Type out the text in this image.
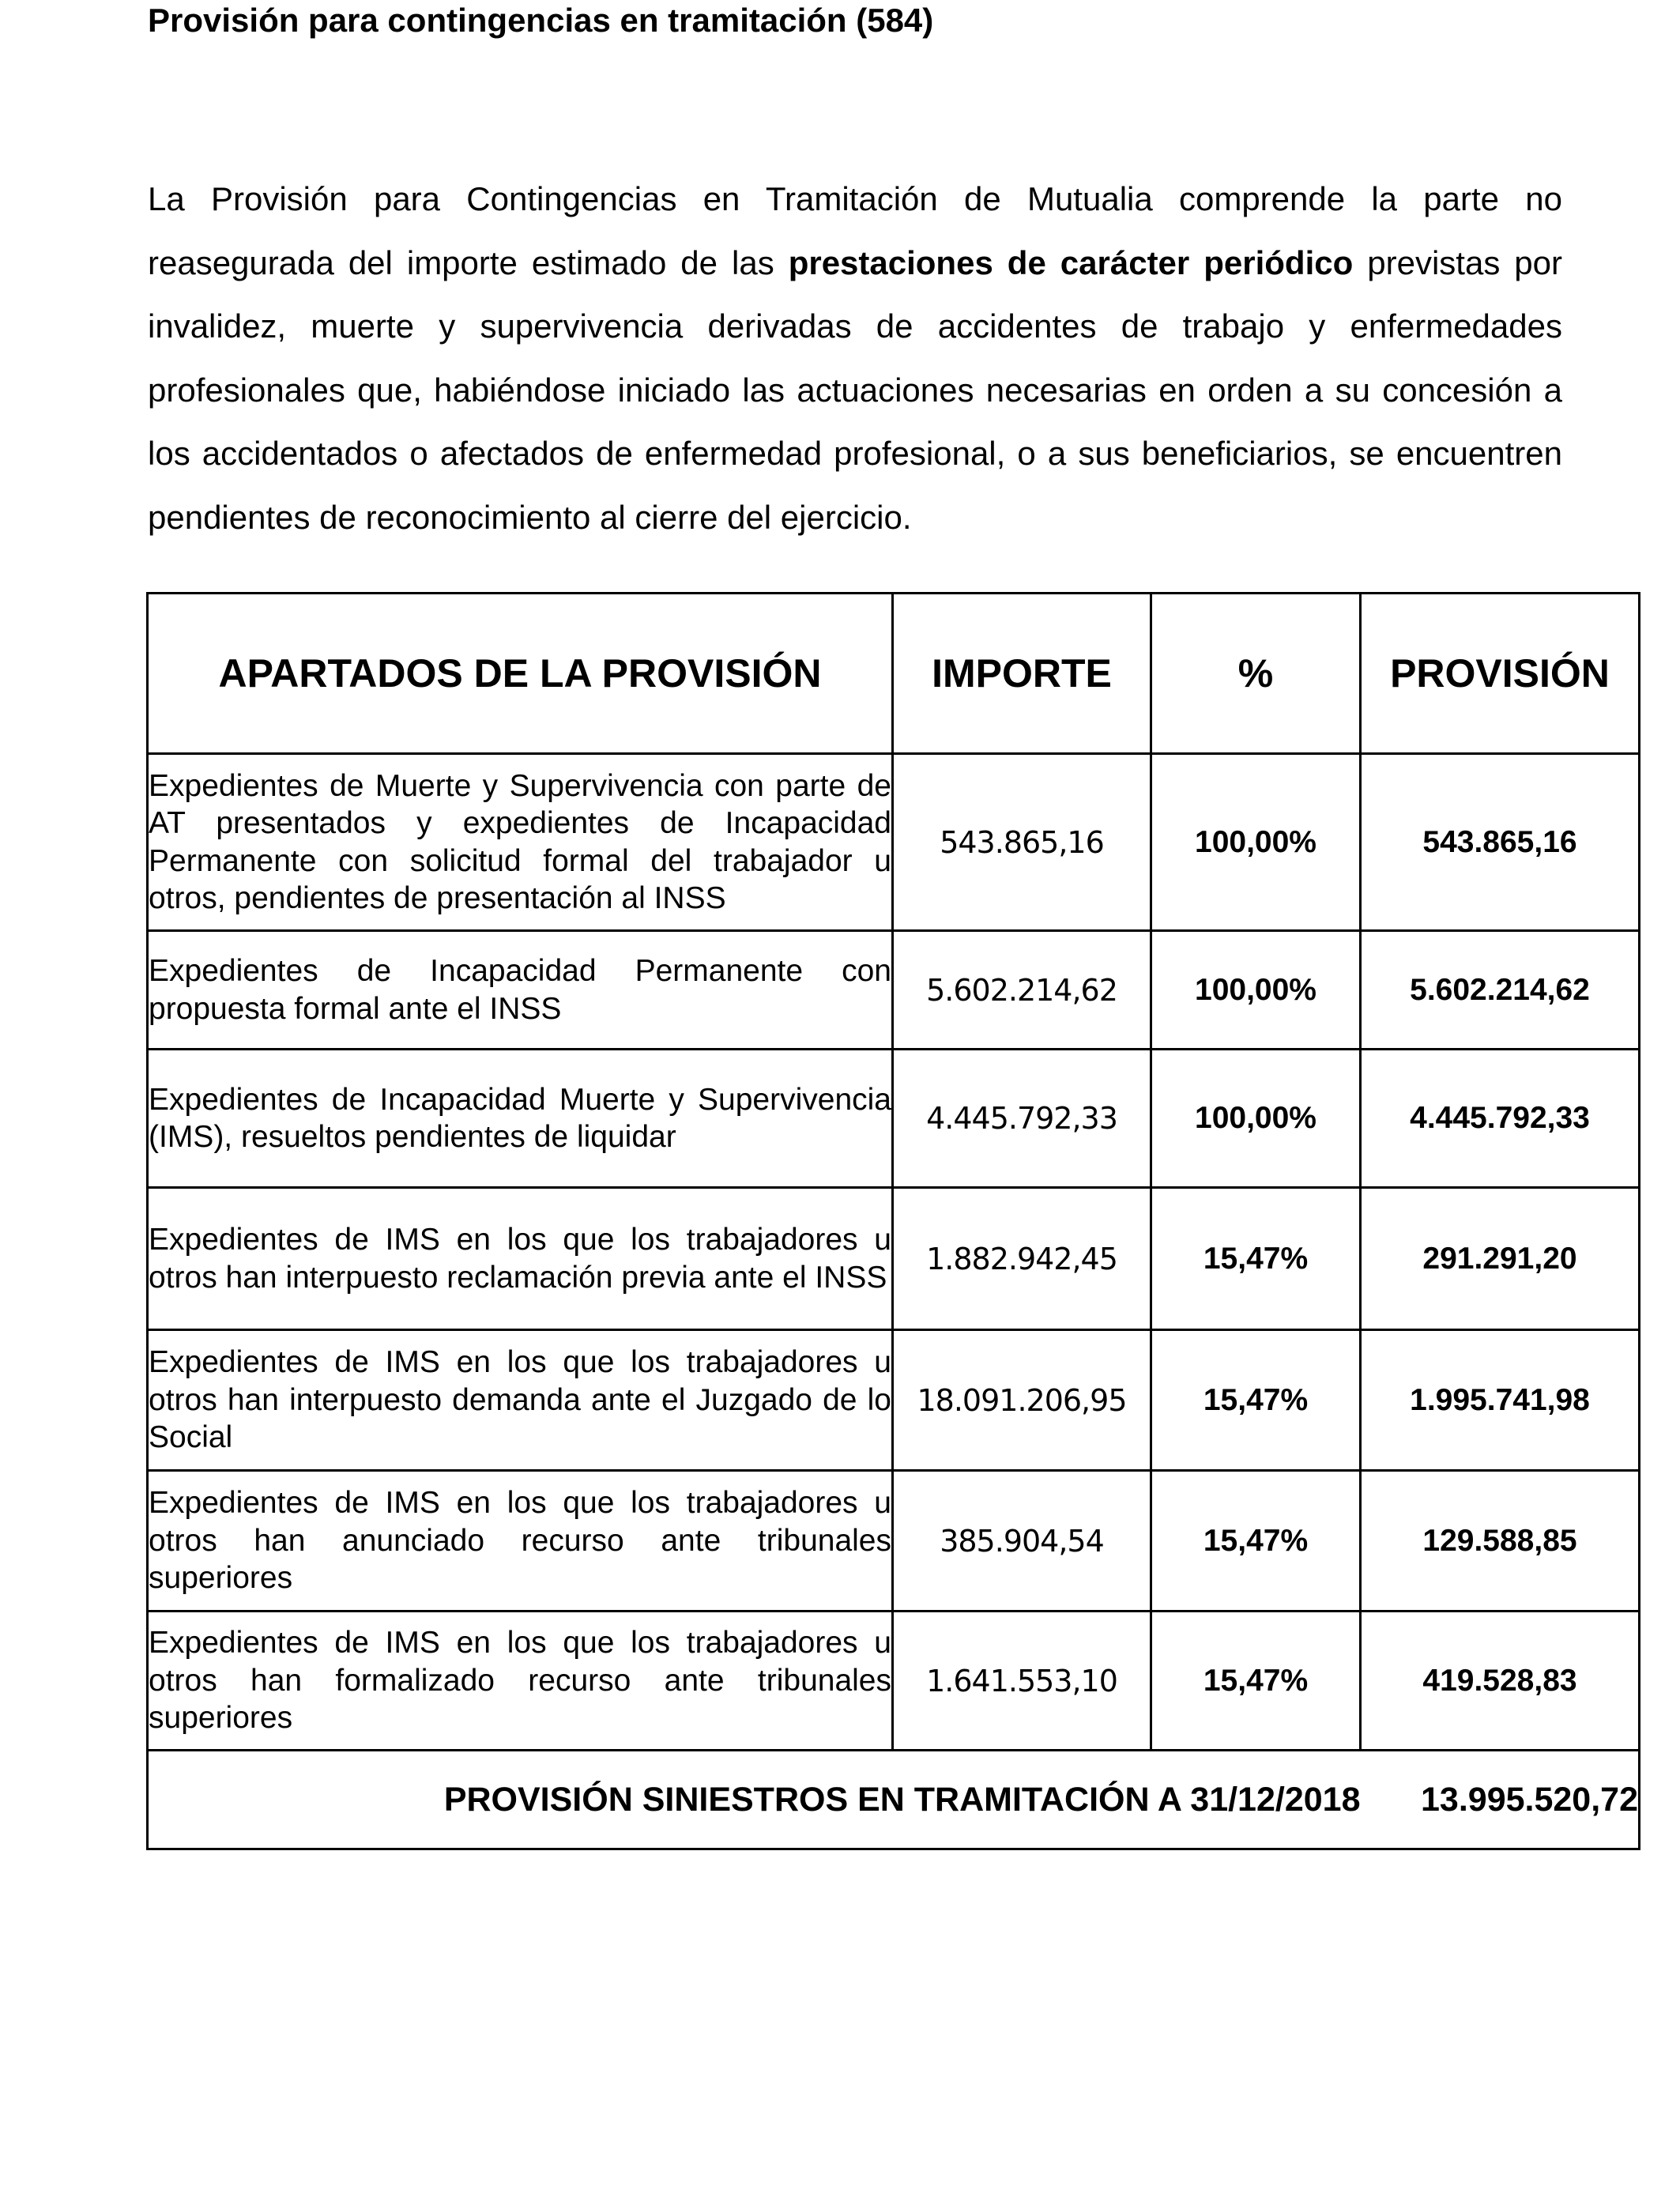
Provisión para contingencias en tramitación (584)

La Provisión para Contingencias en Tramitación de Mutualia comprende la parte no reasegurada del importe estimado de las prestaciones de carácter periódico previstas por invalidez, muerte y supervivencia derivadas de accidentes de trabajo y enfermedades profesionales que, habiéndose iniciado las actuaciones necesarias en orden a su concesión a los accidentados o afectados de enfermedad profesional, o a sus beneficiarios, se encuentren pendientes de reconocimiento al cierre del ejercicio.

APARTADOS DE LA PROVISIÓN	IMPORTE	%	PROVISIÓN
Expedientes de Muerte y Supervivencia con parte de AT presentados y expedientes de Incapacidad Permanente con solicitud formal del trabajador u otros, pendientes de presentación al INSS	543.865,16	100,00%	543.865,16
Expedientes de Incapacidad Permanente con propuesta formal ante el INSS	5.602.214,62	100,00%	5.602.214,62
Expedientes de Incapacidad Muerte y Supervivencia (IMS), resueltos pendientes de liquidar	4.445.792,33	100,00%	4.445.792,33
Expedientes de IMS en los que los trabajadores u otros han interpuesto reclamación previa ante el INSS	1.882.942,45	15,47%	291.291,20
Expedientes de IMS en los que los trabajadores u otros han interpuesto demanda ante el Juzgado de lo Social	18.091.206,95	15,47%	1.995.741,98
Expedientes de IMS en los que los trabajadores u otros han anunciado recurso ante tribunales superiores	385.904,54	15,47%	129.588,85
Expedientes de IMS en los que los trabajadores u otros han formalizado recurso ante tribunales superiores	1.641.553,10	15,47%	419.528,83
PROVISIÓN SINIESTROS EN TRAMITACIÓN A 31/12/2018			13.995.520,72
